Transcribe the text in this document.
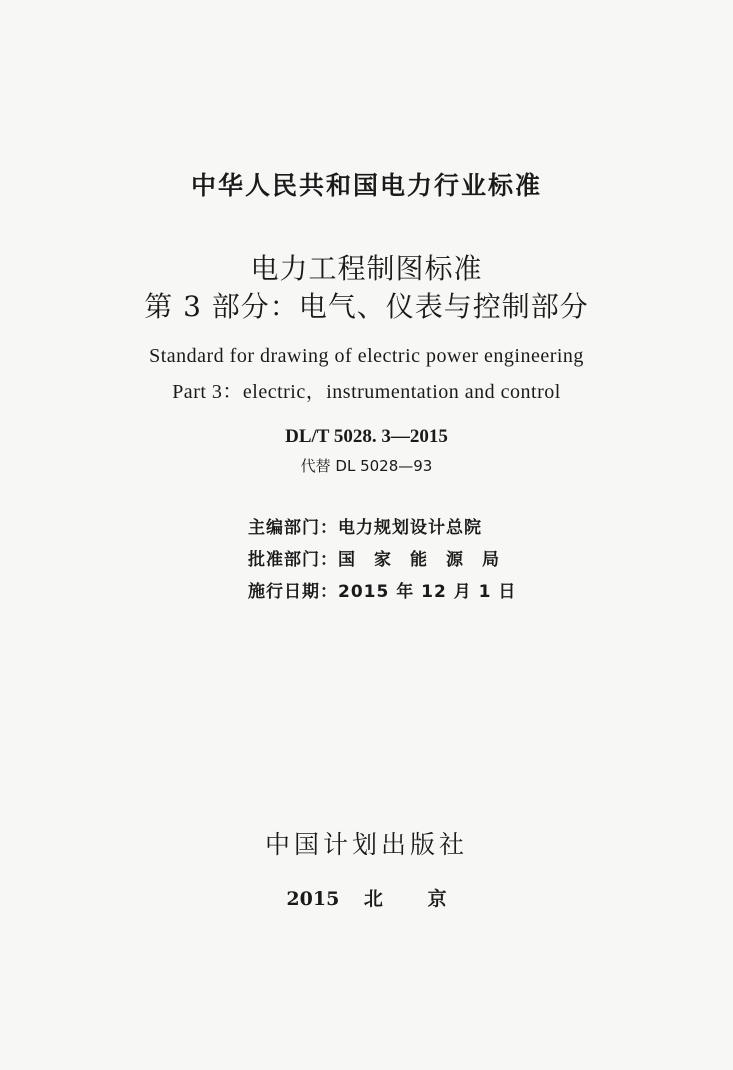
中华人民共和国电力行业标准
电力工程制图标准
第 3 部分：电气、仪表与控制部分
Standard for drawing of electric power engineering
Part 3：electric，instrumentation and control
DL/T 5028. 3—2015
代替 DL 5028—93
主编部门：电力规划设计总院
批准部门：国　家　能　源　局
施行日期：2015 年 12 月 1 日
中国计划出版社
2015 北 京
